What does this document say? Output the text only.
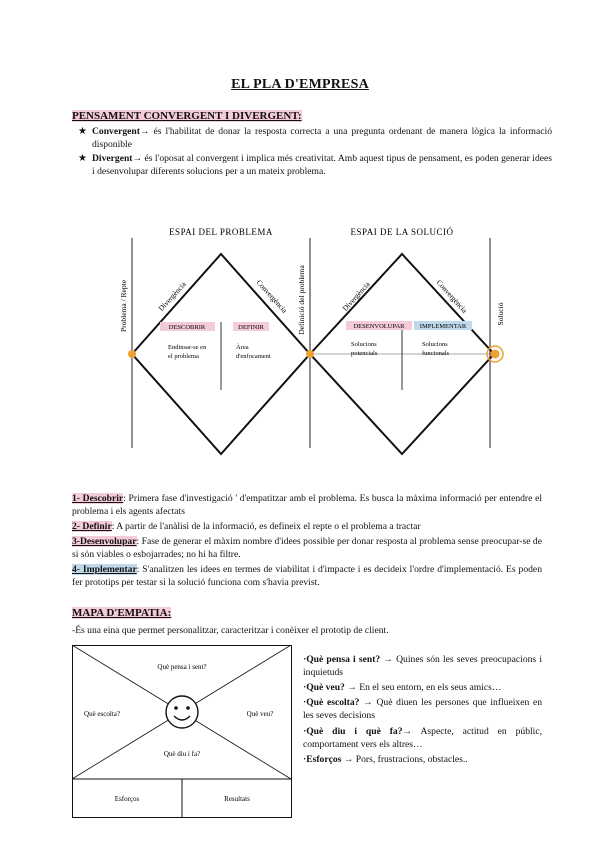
EL PLA D'EMPRESA
PENSAMENT CONVERGENT I DIVERGENT:
★ Convergent→ és l'habilitat de donar la resposta correcta a una pregunta ordenant de manera lògica la informació disponible
★ Divergent→ és l'oposat al convergent i implica més creativitat. Amb aquest tipus de pensament, es poden generar idees i desenvolupar diferents solucions per a un mateix problema.
ESPAI DEL PROBLEMA	ESPAI DE LA SOLUCIÓ
Problema / Repte	Definició del problema	Solució
Divergència	Convergència	Divergència	Convergència
DESCOBRIR
Endinsar-se en
el problema
DEFINIR
Àrea
d'enfocament
DESENVOLUPAR
Solucions
potencials
IMPLEMENTAR
Solucions
funcionals
1- Descobrir: Primera fase d'investigació ' d'empatitzar amb el problema. Es busca la màxima informació per entendre el problema i els agents afectats
2- Definir: A partir de l'anàlisi de la informació, es defineix el repte o el problema a tractar
3-Desenvolupar: Fase de generar el màxim nombre d'idees possible per donar resposta al problema sense preocupar-se de si són viables o esbojarrades; no hi ha filtre.
4- Implementar: S'analitzen les idees en termes de viabilitat i d'impacte i es decideix l'ordre d'implementació. Es poden fer prototips per testar si la solució funciona com s'havia previst.
MAPA D'EMPATIA:
-És una eina que permet personalitzar, caracteritzar i conèixer el prototip de client.
Què pensa i sent?
Què escolta?	Què veu?
Què diu i fa?
Esforços	Resultats
·Què pensa i sent? → Quines són les seves preocupacions i inquietuds
·Què veu? → En el seu entorn, en els seus amics…
·Què escolta? → Què diuen les persones que influeixen en les seves decisions
·Què diu i què fa?→ Aspecte, actitud en públic, comportament vers els altres…
·Esforços → Pors, frustracions, obstacles..
